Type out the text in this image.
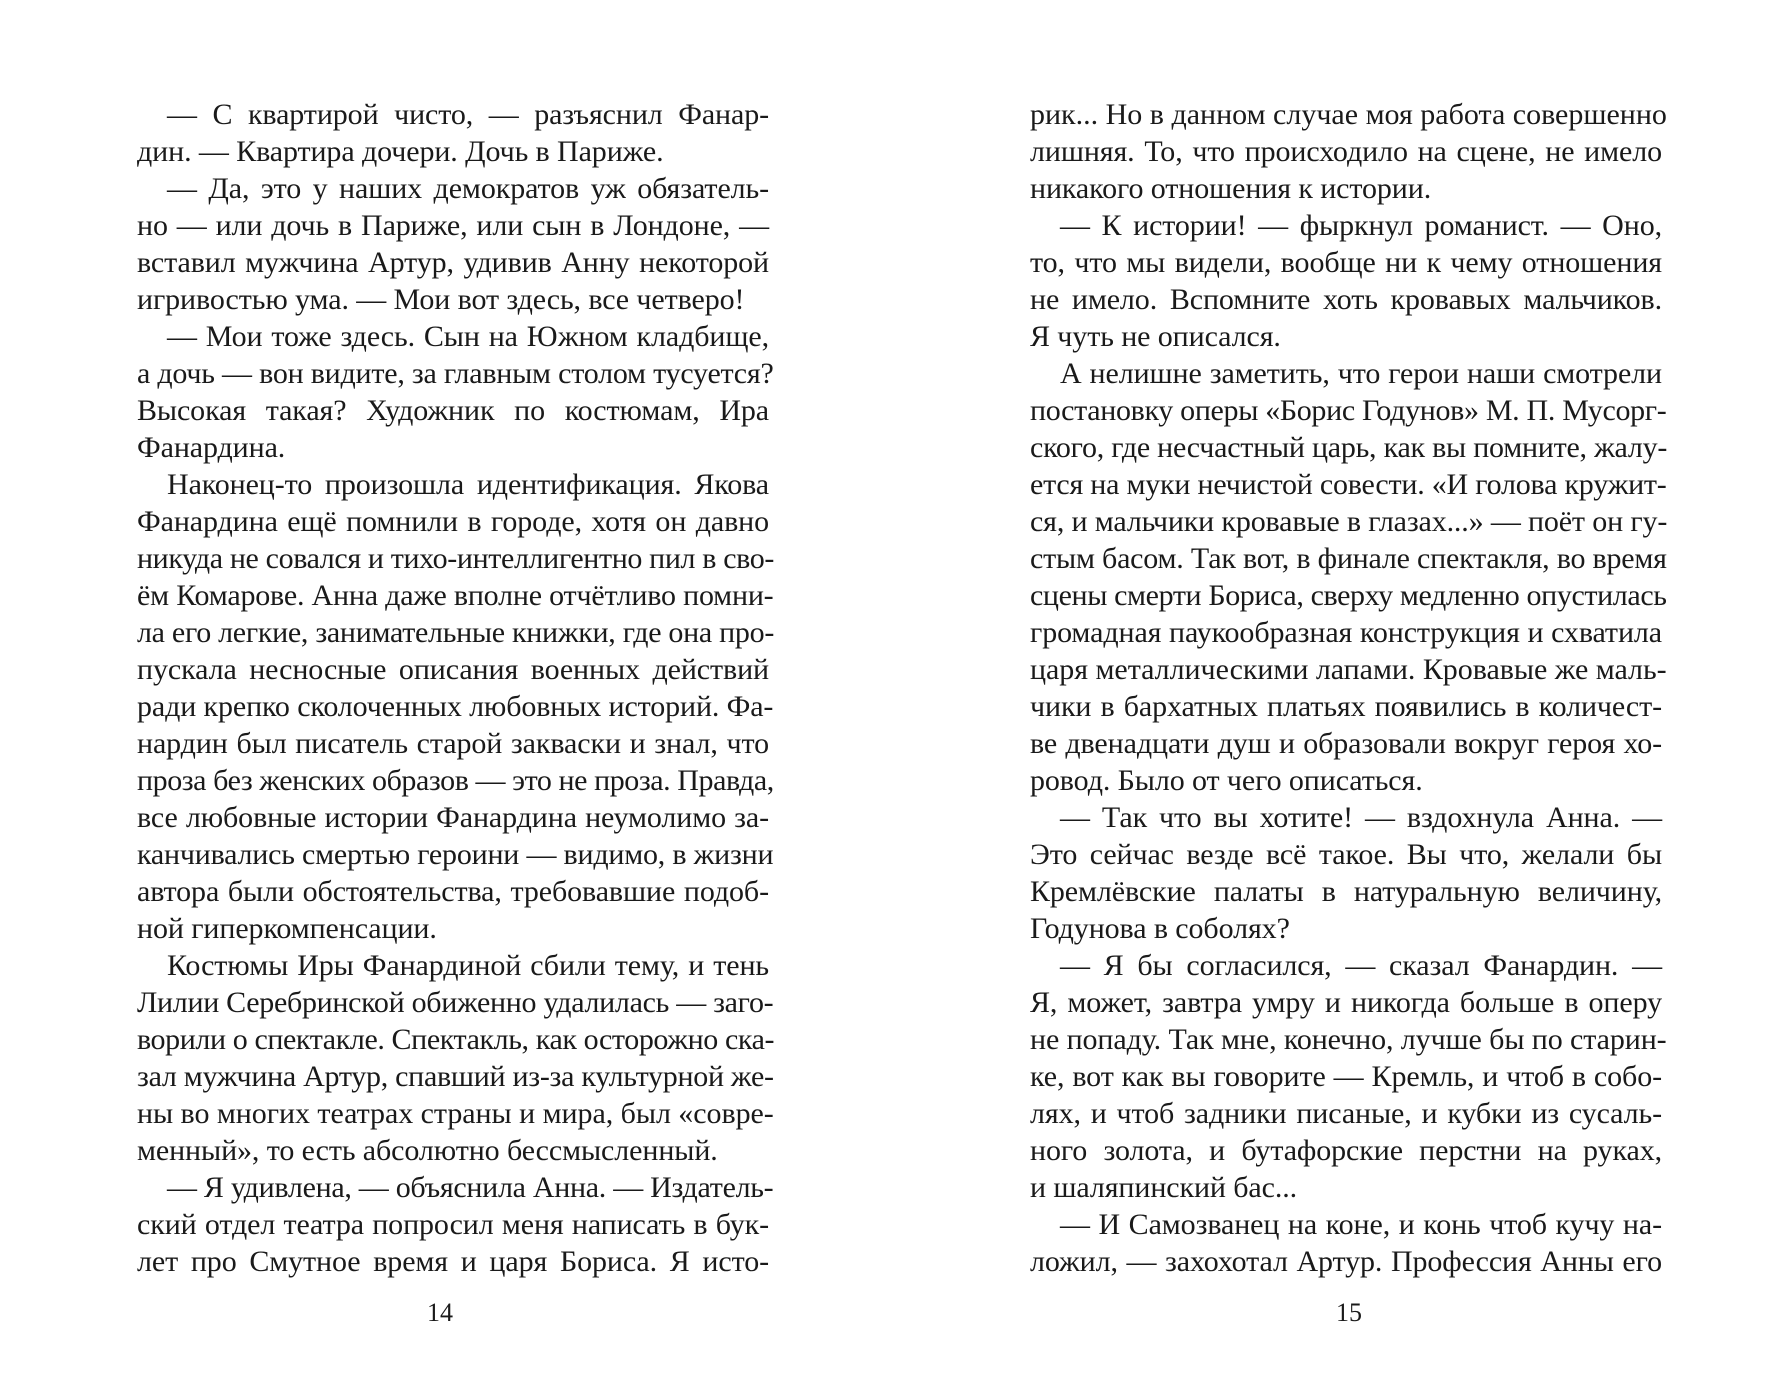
— С квартирой чисто, — разъяснил Фанар-
дин. — Квартира дочери. Дочь в Париже.
— Да, это у наших демократов уж обязатель-
но — или дочь в Париже, или сын в Лондоне, —
вставил мужчина Артур, удивив Анну некоторой
игривостью ума. — Мои вот здесь, все четверо!
— Мои тоже здесь. Сын на Южном кладбище,
а дочь — вон видите, за главным столом тусуется?
Высокая такая? Художник по костюмам, Ира
Фанардина.
Наконец-то произошла идентификация. Якова
Фанардина ещё помнили в городе, хотя он давно
никуда не совался и тихо-интеллигентно пил в сво-
ём Комарове. Анна даже вполне отчётливо помни-
ла его легкие, занимательные книжки, где она про-
пускала несносные описания военных действий
ради крепко сколоченных любовных историй. Фа-
нардин был писатель старой закваски и знал, что
проза без женских образов — это не проза. Правда,
все любовные истории Фанардина неумолимо за-
канчивались смертью героини — видимо, в жизни
автора были обстоятельства, требовавшие подоб-
ной гиперкомпенсации.
Костюмы Иры Фанардиной сбили тему, и тень
Лилии Серебринской обиженно удалилась — заго-
ворили о спектакле. Спектакль, как осторожно ска-
зал мужчина Артур, спавший из-за культурной же-
ны во многих театрах страны и мира, был «совре-
менный», то есть абсолютно бессмысленный.
— Я удивлена, — объяснила Анна. — Издатель-
ский отдел театра попросил меня написать в бук-
лет про Смутное время и царя Бориса. Я исто-
14
рик... Но в данном случае моя работа совершенно
лишняя. То, что происходило на сцене, не имело
никакого отношения к истории.
— К истории! — фыркнул романист. — Оно,
то, что мы видели, вообще ни к чему отношения
не имело. Вспомните хоть кровавых мальчиков.
Я чуть не описался.
А нелишне заметить, что герои наши смотрели
постановку оперы «Борис Годунов» М. П. Мусорг-
ского, где несчастный царь, как вы помните, жалу-
ется на муки нечистой совести. «И голова кружит-
ся, и мальчики кровавые в глазах...» — поёт он гу-
стым басом. Так вот, в финале спектакля, во время
сцены смерти Бориса, сверху медленно опустилась
громадная паукообразная конструкция и схватила
царя металлическими лапами. Кровавые же маль-
чики в бархатных платьях появились в количест-
ве двенадцати душ и образовали вокруг героя хо-
ровод. Было от чего описаться.
— Так что вы хотите! — вздохнула Анна. —
Это сейчас везде всё такое. Вы что, желали бы
Кремлёвские палаты в натуральную величину,
Годунова в соболях?
— Я бы согласился, — сказал Фанардин. —
Я, может, завтра умру и никогда больше в оперу
не попаду. Так мне, конечно, лучше бы по старин-
ке, вот как вы говорите — Кремль, и чтоб в собо-
лях, и чтоб задники писаные, и кубки из сусаль-
ного золота, и бутафорские перстни на руках,
и шаляпинский бас...
— И Самозванец на коне, и конь чтоб кучу на-
ложил, — захохотал Артур. Профессия Анны его
15
